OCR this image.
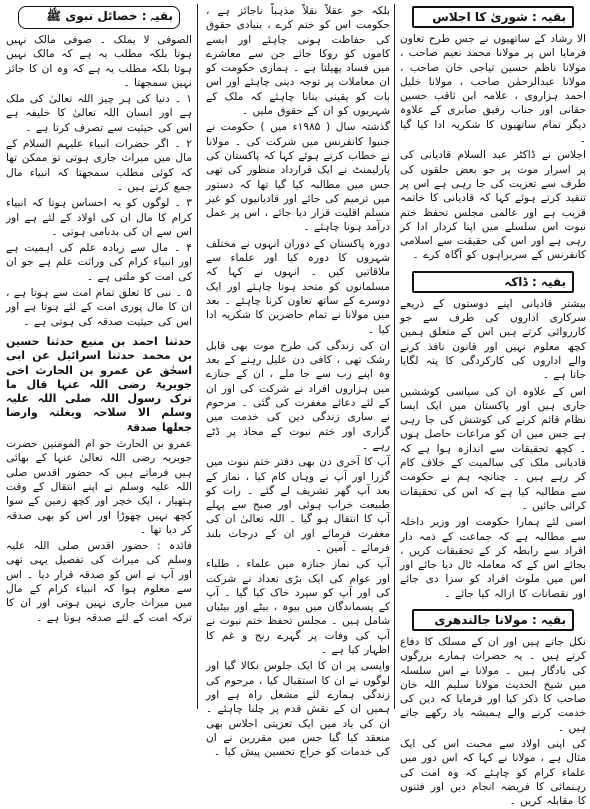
بقیہ : شوریٰ کا اجلاس

الا رشاد کے ساتھیوں نے جس طرح تعاون فرمایا اس پر مولانا محمد نعیم صاحب ، مولانا ناظم حسین تیاجی خان صاحب ، مولانا عبدالرحمٰن صاحب ، مولانا خلیل احمد ہزاروی ، علامہ ابن ثاقب حسین حقانی اور جناب رفیق صابری کے علاوہ دیگر تمام ساتھیوں کا شکریہ ادا کیا گیا ۔

اجلاس نے ڈاکٹر عبد السلام قادیانی کی پر اسرار موت پر جو بعض حلقوں کی طرف سے تعزیت کی جا رہی ہے اس پر تنقید کرتے ہوئے کہا کہ قادیانی کا خاتمہ قریب ہے اور عالمی مجلس تحفظ ختم نبوت اس سلسلے میں اپنا کردار ادا کر رہی ہے اور اس کی حقیقت سے اسلامی کانفرنس کے سربراہوں کو آگاہ کرے ۔

بقیہ : ڈاکہ

بیشتر قادیانی اپنے دوستوں کے ذریعے سرکاری اداروں کی طرف سے جو کارروائی کرتے ہیں اس کے متعلق ہمیں کچھ معلوم نہیں اور قانون نافذ کرنے والے اداروں کی کارکردگی کا پتہ لگایا جاتا ہے ۔

اس کے علاوہ ان کی سیاسی کوششیں جاری ہیں اور پاکستان میں ایک ایسا نظام قائم کرنے کی کوشش کی جا رہی ہے جس میں ان کو مراعات حاصل ہوں ۔ کچھ تحقیقات سے اندازہ ہوا ہے کہ قادیانی ملک کی سالمیت کے خلاف کام کر رہے ہیں ۔ چنانچہ ہم نے حکومت سے مطالبہ کیا ہے کہ اس کی تحقیقات کرائی جائیں ۔

اسی لئے ہمارا حکومت اور وزیر داخلہ سے مطالبہ ہے کہ جماعت کے ذمہ دار افراد سے رابطہ کر کے تحقیقات کریں ، بجائے اس کے کہ معاملہ ٹال دیا جائے اور اس میں ملوث افراد کو سزا دی جائے اور نقصانات کا ازالہ کیا جائے ۔

بقیہ : مولانا جالندھری

نکل جاتے ہیں اور ان کے مسلک کا دفاع کرتے ہیں ۔ یہ حضرات ہمارے بزرگوں کی یادگار ہیں ۔ مولانا نے اس سلسلہ میں شیخ الحدیث مولانا سلیم اللہ خان صاحب کا ذکر کیا اور فرمایا کہ دین کی خدمت کرنے والے ہمیشہ یاد رکھے جاتے ہیں ۔

کی اپنی اولاد سے محبت اس کی ایک مثال ہے ، مولانا نے کہا کہ اس دور میں علماء کرام کو چاہئے کہ وہ امت کی رہنمائی کا فریضہ انجام دیں اور فتنوں کا مقابلہ کریں ۔

بلکہ جو عقلاً نقلاً مذہباً ناجائز ہے ، حکومت اس کو ختم کرے ، بنیادی حقوق کی حفاظت ہونی چاہئے اور ایسے کاموں کو روکا جائے جن سے معاشرے میں فساد پھیلتا ہے ۔ ہماری حکومت کو ان معاملات پر توجہ دینی چاہئے اور اس بات کو یقینی بنانا چاہئے کہ ملک کے شہریوں کو ان کے حقوق ملیں ۔

گذشتہ سال ( ۱۹۸۵ء میں ) حکومت نے جنیوا کانفرنس میں شرکت کی ۔ مولانا نے خطاب کرتے ہوئے کہا کہ پاکستان کی پارلیمنٹ نے ایک قرارداد منظور کی تھی جس میں مطالبہ کیا گیا تھا کہ دستور میں ترمیم کی جائے اور قادیانیوں کو غیر مسلم اقلیت قرار دیا جائے ، اس پر عمل درآمد ہونا چاہئے ۔

دورہ پاکستان کے دوران انہوں نے مختلف شہروں کا دورہ کیا اور علماء سے ملاقاتیں کیں ۔ انہوں نے کہا کہ مسلمانوں کو متحد ہونا چاہئے اور ایک دوسرے کے ساتھ تعاون کرنا چاہئے ۔ بعد میں مولانا نے تمام حاضرین کا شکریہ ادا کیا ۔

ان کی زندگی کی طرح موت بھی قابل رشک تھی ، کافی دن علیل رہنے کے بعد وہ اپنے رب سے جا ملے ، ان کے جنازے میں ہزاروں افراد نے شرکت کی اور ان کے لئے دعائے مغفرت کی گئی ۔ مرحوم نے ساری زندگی دین کی خدمت میں گزاری اور ختم نبوت کے محاذ پر ڈٹے رہے ۔

آپ کا آخری دن بھی دفتر ختم نبوت میں گزرا اور آپ نے وہاں کام کیا ، نماز کے بعد آپ گھر تشریف لے گئے ۔ رات کو طبیعت خراب ہوئی اور صبح سے پہلے آپ کا انتقال ہو گیا ۔ اللہ تعالیٰ ان کی مغفرت فرمائے اور ان کے درجات بلند فرمائے ۔ آمین ۔

آپ کی نماز جنازہ میں علماء ، طلباء اور عوام کی ایک بڑی تعداد نے شرکت کی اور آپ کو سپرد خاک کیا گیا ۔ آپ کے پسماندگان میں بیوہ ، بیٹے اور بیٹیاں شامل ہیں ۔ مجلس تحفظ ختم نبوت نے آپ کی وفات پر گہرے رنج و غم کا اظہار کیا ہے ۔

واپسی پر ان کا ایک جلوس نکالا گیا اور لوگوں نے ان کا استقبال کیا ، مرحوم کی زندگی ہمارے لئے مشعل راہ ہے اور ہمیں ان کے نقش قدم پر چلنا چاہئے ۔ ان کی یاد میں ایک تعزیتی اجلاس بھی منعقد کیا گیا جس میں مقررین نے ان کی خدمات کو خراج تحسین پیش کیا ۔

بقیہ : خصائل نبوی ﷺ

الصوفی لا یملک ۔ صوفی مالک نہیں ہوتا بلکہ مطلب یہ ہے کہ مالک نہیں ہوتا بلکہ مطلب یہ ہے کہ وہ ان کا جائز نہیں سمجھتا ۔

۱ ۔ دنیا کی ہر چیز اللہ تعالیٰ کی ملک ہے اور انسان اللہ تعالیٰ کا خلیفہ ہے اس کی حیثیت سے تصرف کرتا ہے ۔

۲ ۔ اگر حضرات انبیاء علیہم السلام کے مال میں میراث جاری ہوتی تو ممکن تھا کہ کوئی مطلب سمجھتا کہ انبیاء مال جمع کرتے ہیں ۔

۳ ۔ لوگوں کو یہ احساس ہوتا کہ انبیاء کرام کا مال ان کی اولاد کے لئے ہے اور اس سے ان کی بدنامی ہوتی ۔

۴ ۔ مال سے زیادہ علم کی اہمیت ہے اور انبیاء کرام کی وراثت علم ہے جو ان کی امت کو ملتی ہے ۔

۵ ۔ نبی کا تعلق تمام امت سے ہوتا ہے ، ان کا مال پوری امت کے لئے ہوتا ہے اور اس کی حیثیت صدقہ کی ہوتی ہے ۔

حدثنا احمد بن منیع حدثنا حسین بن محمد حدثنا اسرائیل عن ابی اسحٰق عن عمرو بن الحارث اخی جویریۃ رضی اللہ عنہا قال ما ترک رسول اللہ صلی اللہ علیہ وسلم الا سلاحہ وبغلتہ وارضا جعلھا صدقۃ

عمرو بن الحارث جو ام المومنین حضرت جویریہ رضی اللہ تعالیٰ عنہا کے بھائی ہیں فرماتے ہیں کہ حضور اقدس صلی اللہ علیہ وسلم نے اپنے انتقال کے وقت ہتھیار ، ایک خچر اور کچھ زمین کے سوا کچھ نہیں چھوڑا اور اس کو بھی صدقہ کر دیا تھا ۔

فائدہ : حضور اقدس صلی اللہ علیہ وسلم کی میراث کی تفصیل یہی تھی اور آپ نے اس کو صدقہ قرار دیا ۔ اس سے معلوم ہوا کہ انبیاء کرام کے مال میں میراث جاری نہیں ہوتی اور ان کا ترکہ امت کے لئے صدقہ ہوتا ہے ۔
